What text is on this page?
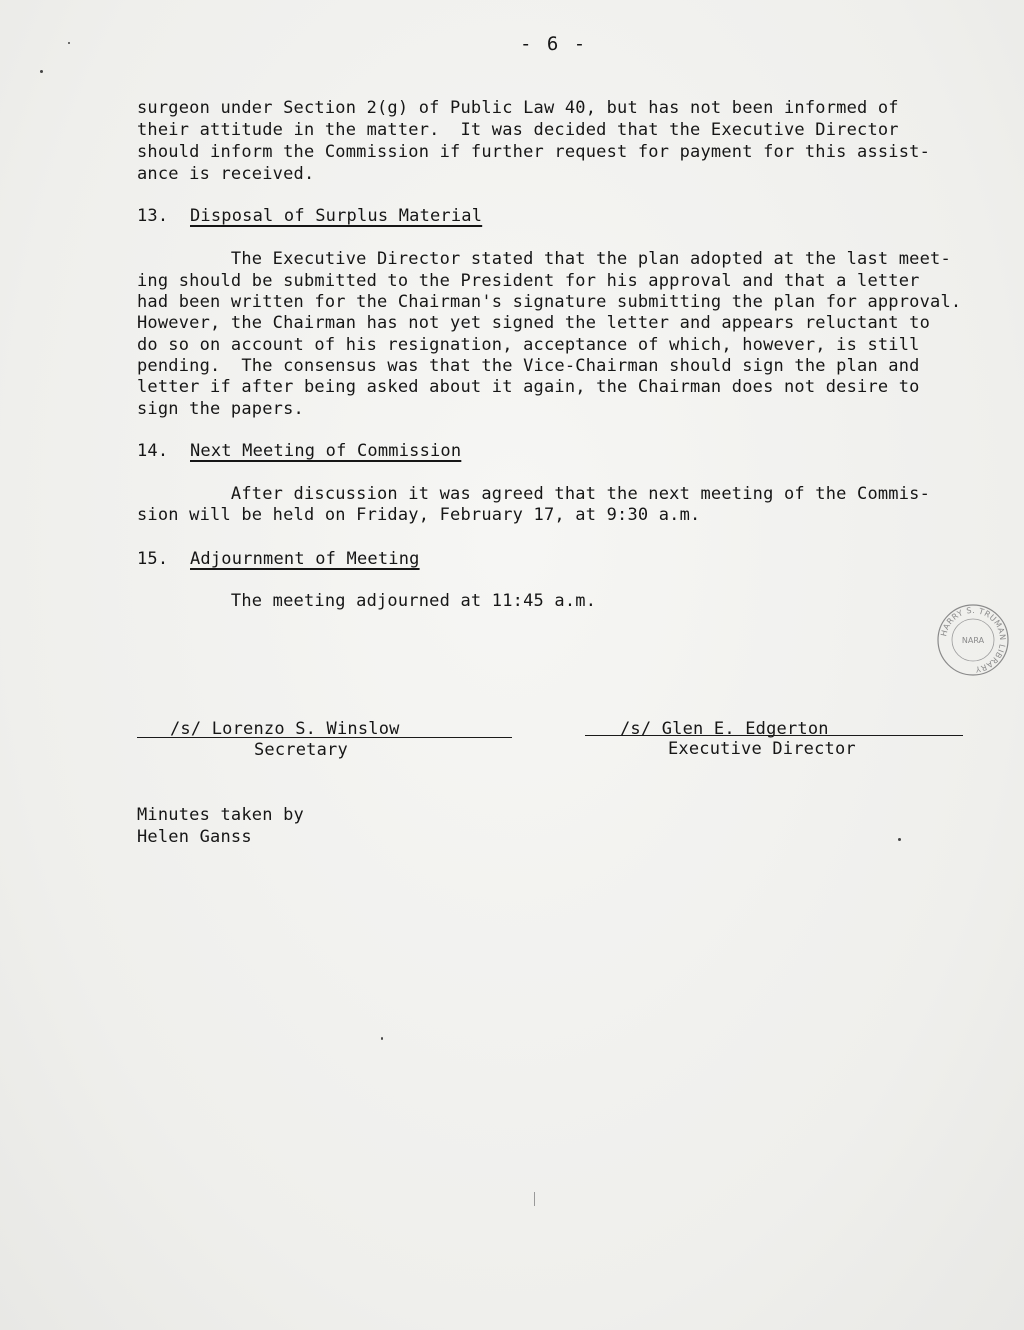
- 6 -
surgeon under Section 2(g) of Public Law 40, but has not been informed of
their attitude in the matter.  It was decided that the Executive Director
should inform the Commission if further request for payment for this assist-
ance is received.
13. Disposal of Surplus Material
The Executive Director stated that the plan adopted at the last meet-
ing should be submitted to the President for his approval and that a letter
had been written for the Chairman's signature submitting the plan for approval.
However, the Chairman has not yet signed the letter and appears reluctant to
do so on account of his resignation, acceptance of which, however, is still
pending.  The consensus was that the Vice-Chairman should sign the plan and
letter if after being asked about it again, the Chairman does not desire to
sign the papers.
14. Next Meeting of Commission
After discussion it was agreed that the next meeting of the Commis-
sion will be held on Friday, February 17, at 9:30 a.m.
15. Adjournment of Meeting
The meeting adjourned at 11:45 a.m.
HARRY S. TRUMAN LIBRARY
NARA
/s/ Lorenzo S. Winslow
Secretary
/s/ Glen E. Edgerton
Executive Director
Minutes taken by
Helen Ganss
